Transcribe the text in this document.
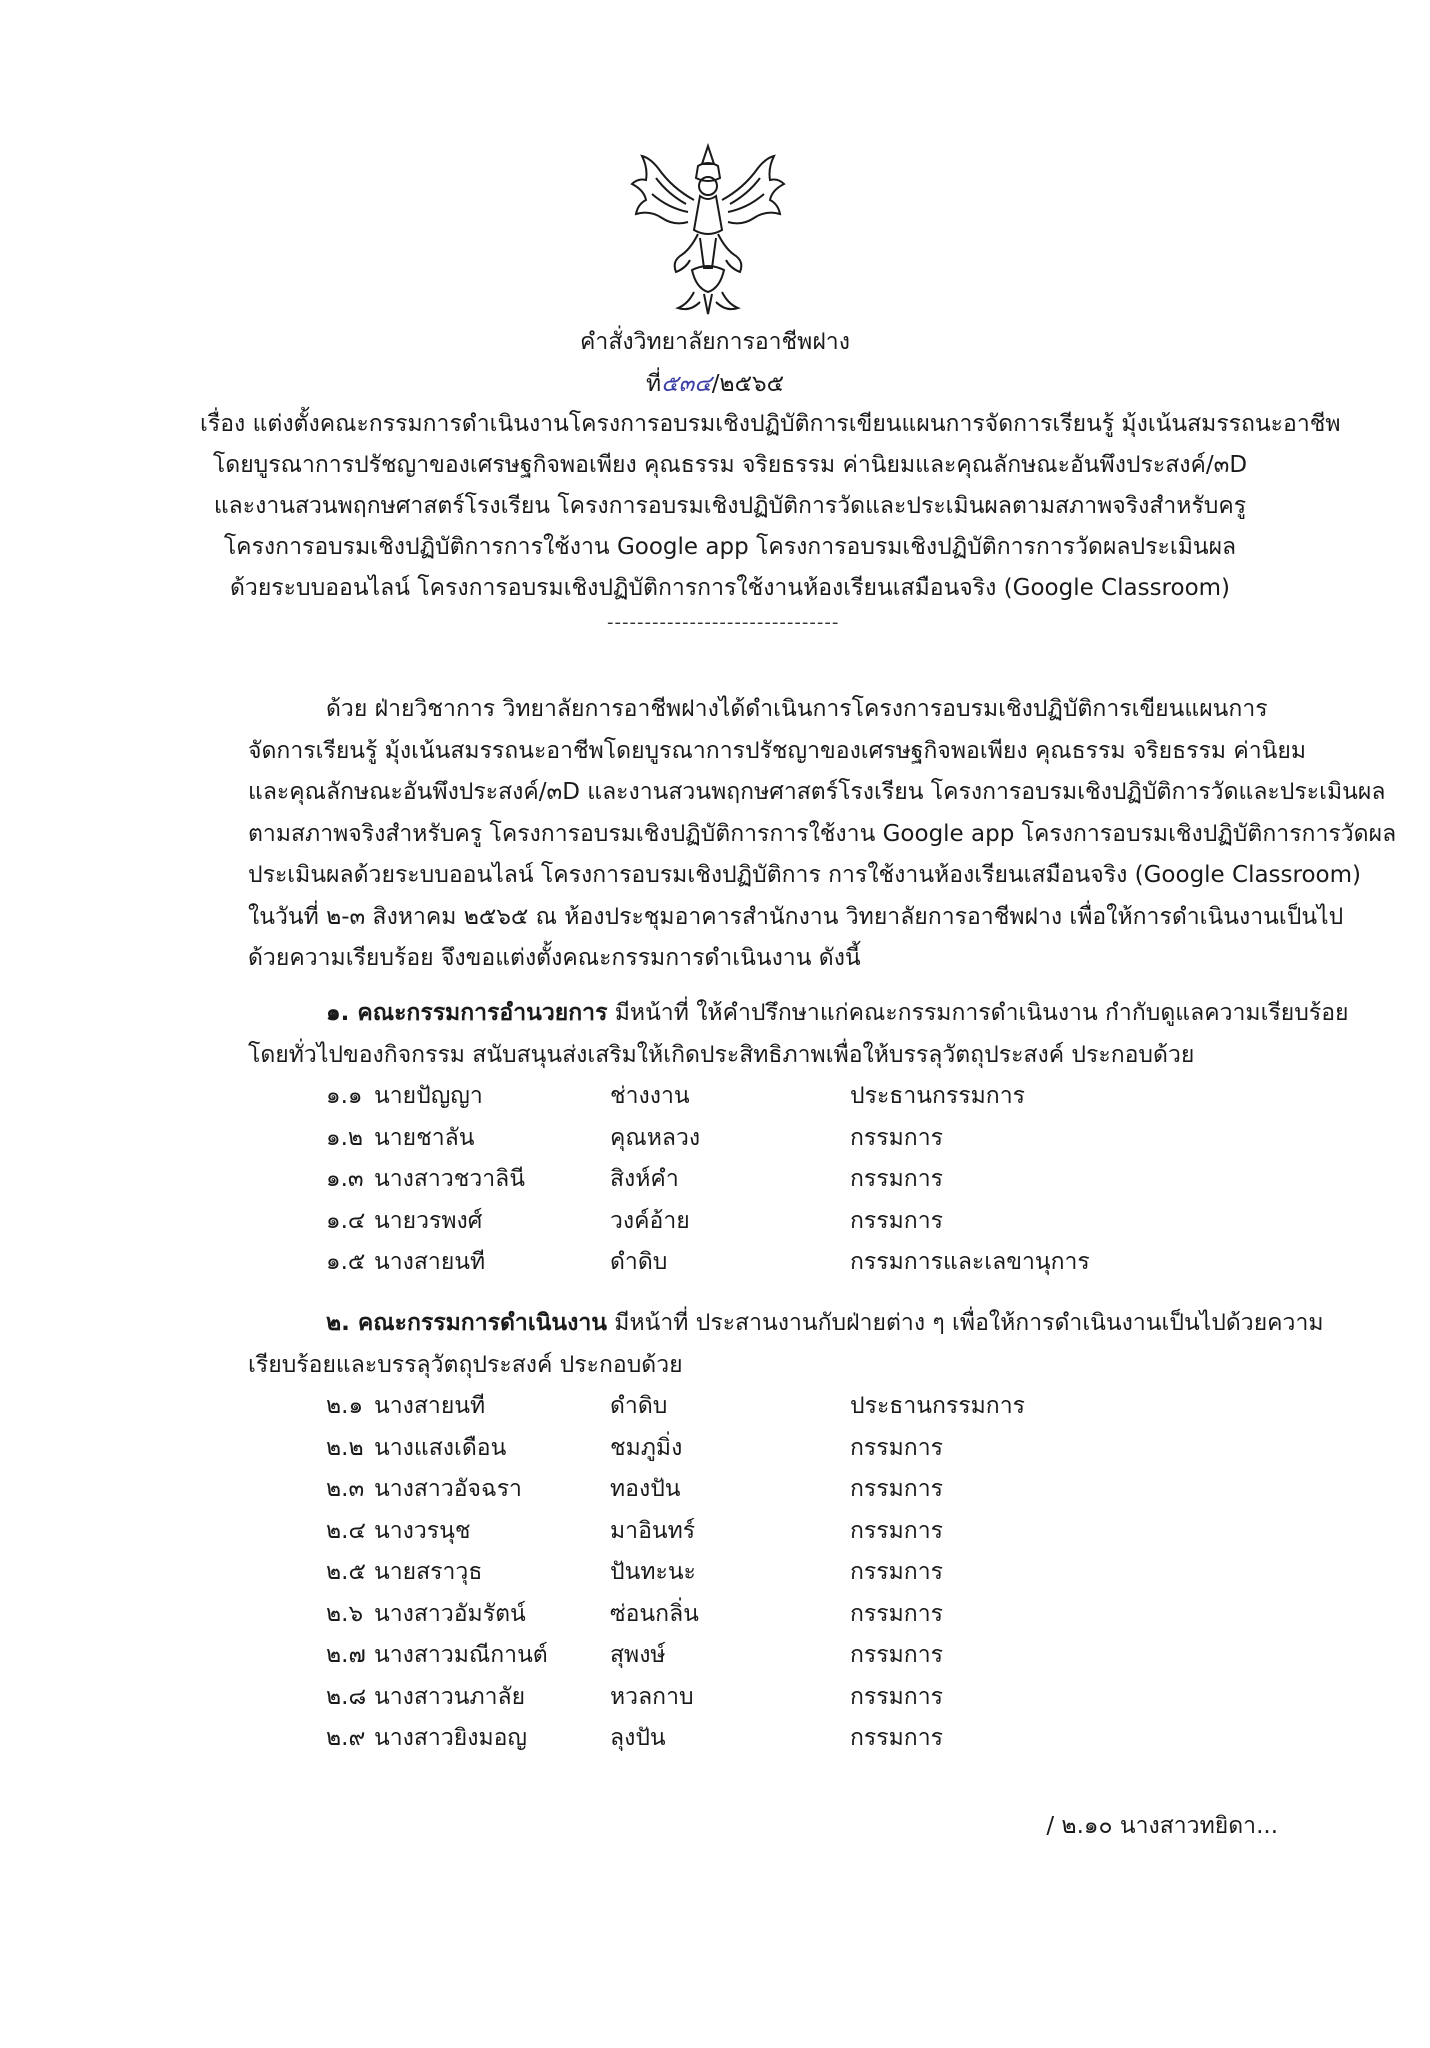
คำสั่งวิทยาลัยการอาชีพฝาง
ที่๕๓๔/๒๕๖๕
เรื่อง แต่งตั้งคณะกรรมการดำเนินงานโครงการอบรมเชิงปฏิบัติการเขียนแผนการจัดการเรียนรู้ มุ้งเน้นสมรรถนะอาชีพ
โดยบูรณาการปรัชญาของเศรษฐกิจพอเพียง คุณธรรม จริยธรรม ค่านิยมและคุณลักษณะอันพึงประสงค์/๓D
และงานสวนพฤกษศาสตร์โรงเรียน โครงการอบรมเชิงปฏิบัติการวัดและประเมินผลตามสภาพจริงสำหรับครู
โครงการอบรมเชิงปฏิบัติการการใช้งาน Google app โครงการอบรมเชิงปฏิบัติการการวัดผลประเมินผล
ด้วยระบบออนไลน์ โครงการอบรมเชิงปฏิบัติการการใช้งานห้องเรียนเสมือนจริง (Google Classroom)
-------------------------------
ด้วย ฝ่ายวิชาการ วิทยาลัยการอาชีพฝางได้ดำเนินการโครงการอบรมเชิงปฏิบัติการเขียนแผนการ
จัดการเรียนรู้ มุ้งเน้นสมรรถนะอาชีพโดยบูรณาการปรัชญาของเศรษฐกิจพอเพียง คุณธรรม จริยธรรม ค่านิยม
และคุณลักษณะอันพึงประสงค์/๓D และงานสวนพฤกษศาสตร์โรงเรียน โครงการอบรมเชิงปฏิบัติการวัดและประเมินผล
ตามสภาพจริงสำหรับครู โครงการอบรมเชิงปฏิบัติการการใช้งาน Google app โครงการอบรมเชิงปฏิบัติการการวัดผล
ประเมินผลด้วยระบบออนไลน์ โครงการอบรมเชิงปฏิบัติการ การใช้งานห้องเรียนเสมือนจริง (Google Classroom)
ในวันที่ ๒-๓ สิงหาคม ๒๕๖๕ ณ ห้องประชุมอาคารสำนักงาน วิทยาลัยการอาชีพฝาง เพื่อให้การดำเนินงานเป็นไป
ด้วยความเรียบร้อย จึงขอแต่งตั้งคณะกรรมการดำเนินงาน ดังนี้
๑. คณะกรรมการอำนวยการ มีหน้าที่ ให้คำปรึกษาแก่คณะกรรมการดำเนินงาน กำกับดูแลความเรียบร้อย
โดยทั่วไปของกิจกรรม สนับสนุนส่งเสริมให้เกิดประสิทธิภาพเพื่อให้บรรลุวัตถุประสงค์ ประกอบด้วย
๑.๑ นายปัญญา	ช่างงาน	ประธานกรรมการ
๑.๒ นายชาลัน	คุณหลวง	กรรมการ
๑.๓ นางสาวชวาลินี	สิงห์คำ	กรรมการ
๑.๔ นายวรพงศ์	วงค์อ้าย	กรรมการ
๑.๕ นางสายนที	ดำดิบ	กรรมการและเลขานุการ
๒. คณะกรรมการดำเนินงาน มีหน้าที่ ประสานงานกับฝ่ายต่าง ๆ เพื่อให้การดำเนินงานเป็นไปด้วยความ
เรียบร้อยและบรรลุวัตถุประสงค์ ประกอบด้วย
๒.๑ นางสายนที	ดำดิบ	ประธานกรรมการ
๒.๒ นางแสงเดือน	ชมภูมิ่ง	กรรมการ
๒.๓ นางสาวอัจฉรา	ทองปัน	กรรมการ
๒.๔ นางวรนุช	มาอินทร์	กรรมการ
๒.๕ นายสราวุธ	ปันทะนะ	กรรมการ
๒.๖ นางสาวอัมรัตน์	ซ่อนกลิ่น	กรรมการ
๒.๗ นางสาวมณีกานต์	สุพงษ์	กรรมการ
๒.๘ นางสาวนภาลัย	หวลกาบ	กรรมการ
๒.๙ นางสาวยิงมอญ	ลุงปัน	กรรมการ
/ ๒.๑๐ นางสาวทยิดา...
